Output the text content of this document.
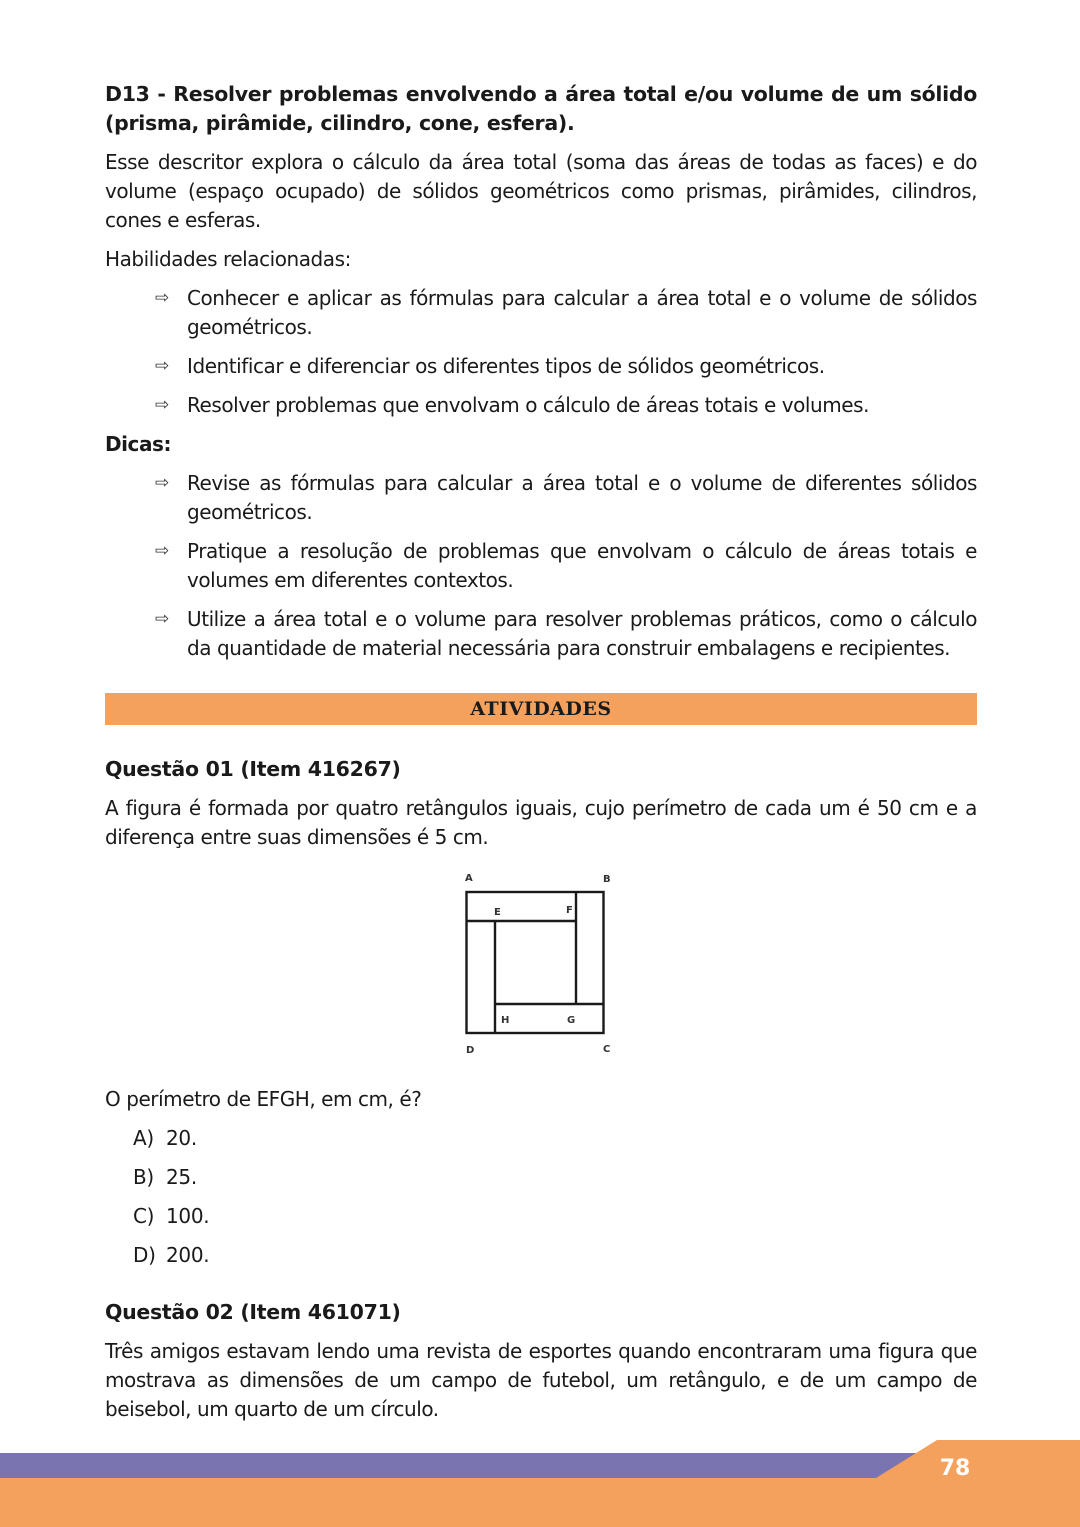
D13 - Resolver problemas envolvendo a área total e/ou volume de um sólido (prisma, pirâmide, cilindro, cone, esfera).
Esse descritor explora o cálculo da área total (soma das áreas de todas as faces) e do volume (espaço ocupado) de sólidos geométricos como prismas, pirâmides, cilindros, cones e esferas.
Habilidades relacionadas:
⇨ Conhecer e aplicar as fórmulas para calcular a área total e o volume de sólidos geométricos.
⇨ Identificar e diferenciar os diferentes tipos de sólidos geométricos.
⇨ Resolver problemas que envolvam o cálculo de áreas totais e volumes.
Dicas:
⇨ Revise as fórmulas para calcular a área total e o volume de diferentes sólidos geométricos.
⇨ Pratique a resolução de problemas que envolvam o cálculo de áreas totais e volumes em diferentes contextos.
⇨ Utilize a área total e o volume para resolver problemas práticos, como o cálculo da quantidade de material necessária para construir embalagens e recipientes.
ATIVIDADES
Questão 01 (Item 416267)
A figura é formada por quatro retângulos iguais, cujo perímetro de cada um é 50 cm e a diferença entre suas dimensões é 5 cm.
A	B
C
D
E	F
G
H
O perímetro de EFGH, em cm, é?
A) 20.
B) 25.
C) 100.
D) 200.
Questão 02 (Item 461071)
Três amigos estavam lendo uma revista de esportes quando encontraram uma figura que mostrava as dimensões de um campo de futebol, um retângulo, e de um campo de beisebol, um quarto de um círculo.
78
